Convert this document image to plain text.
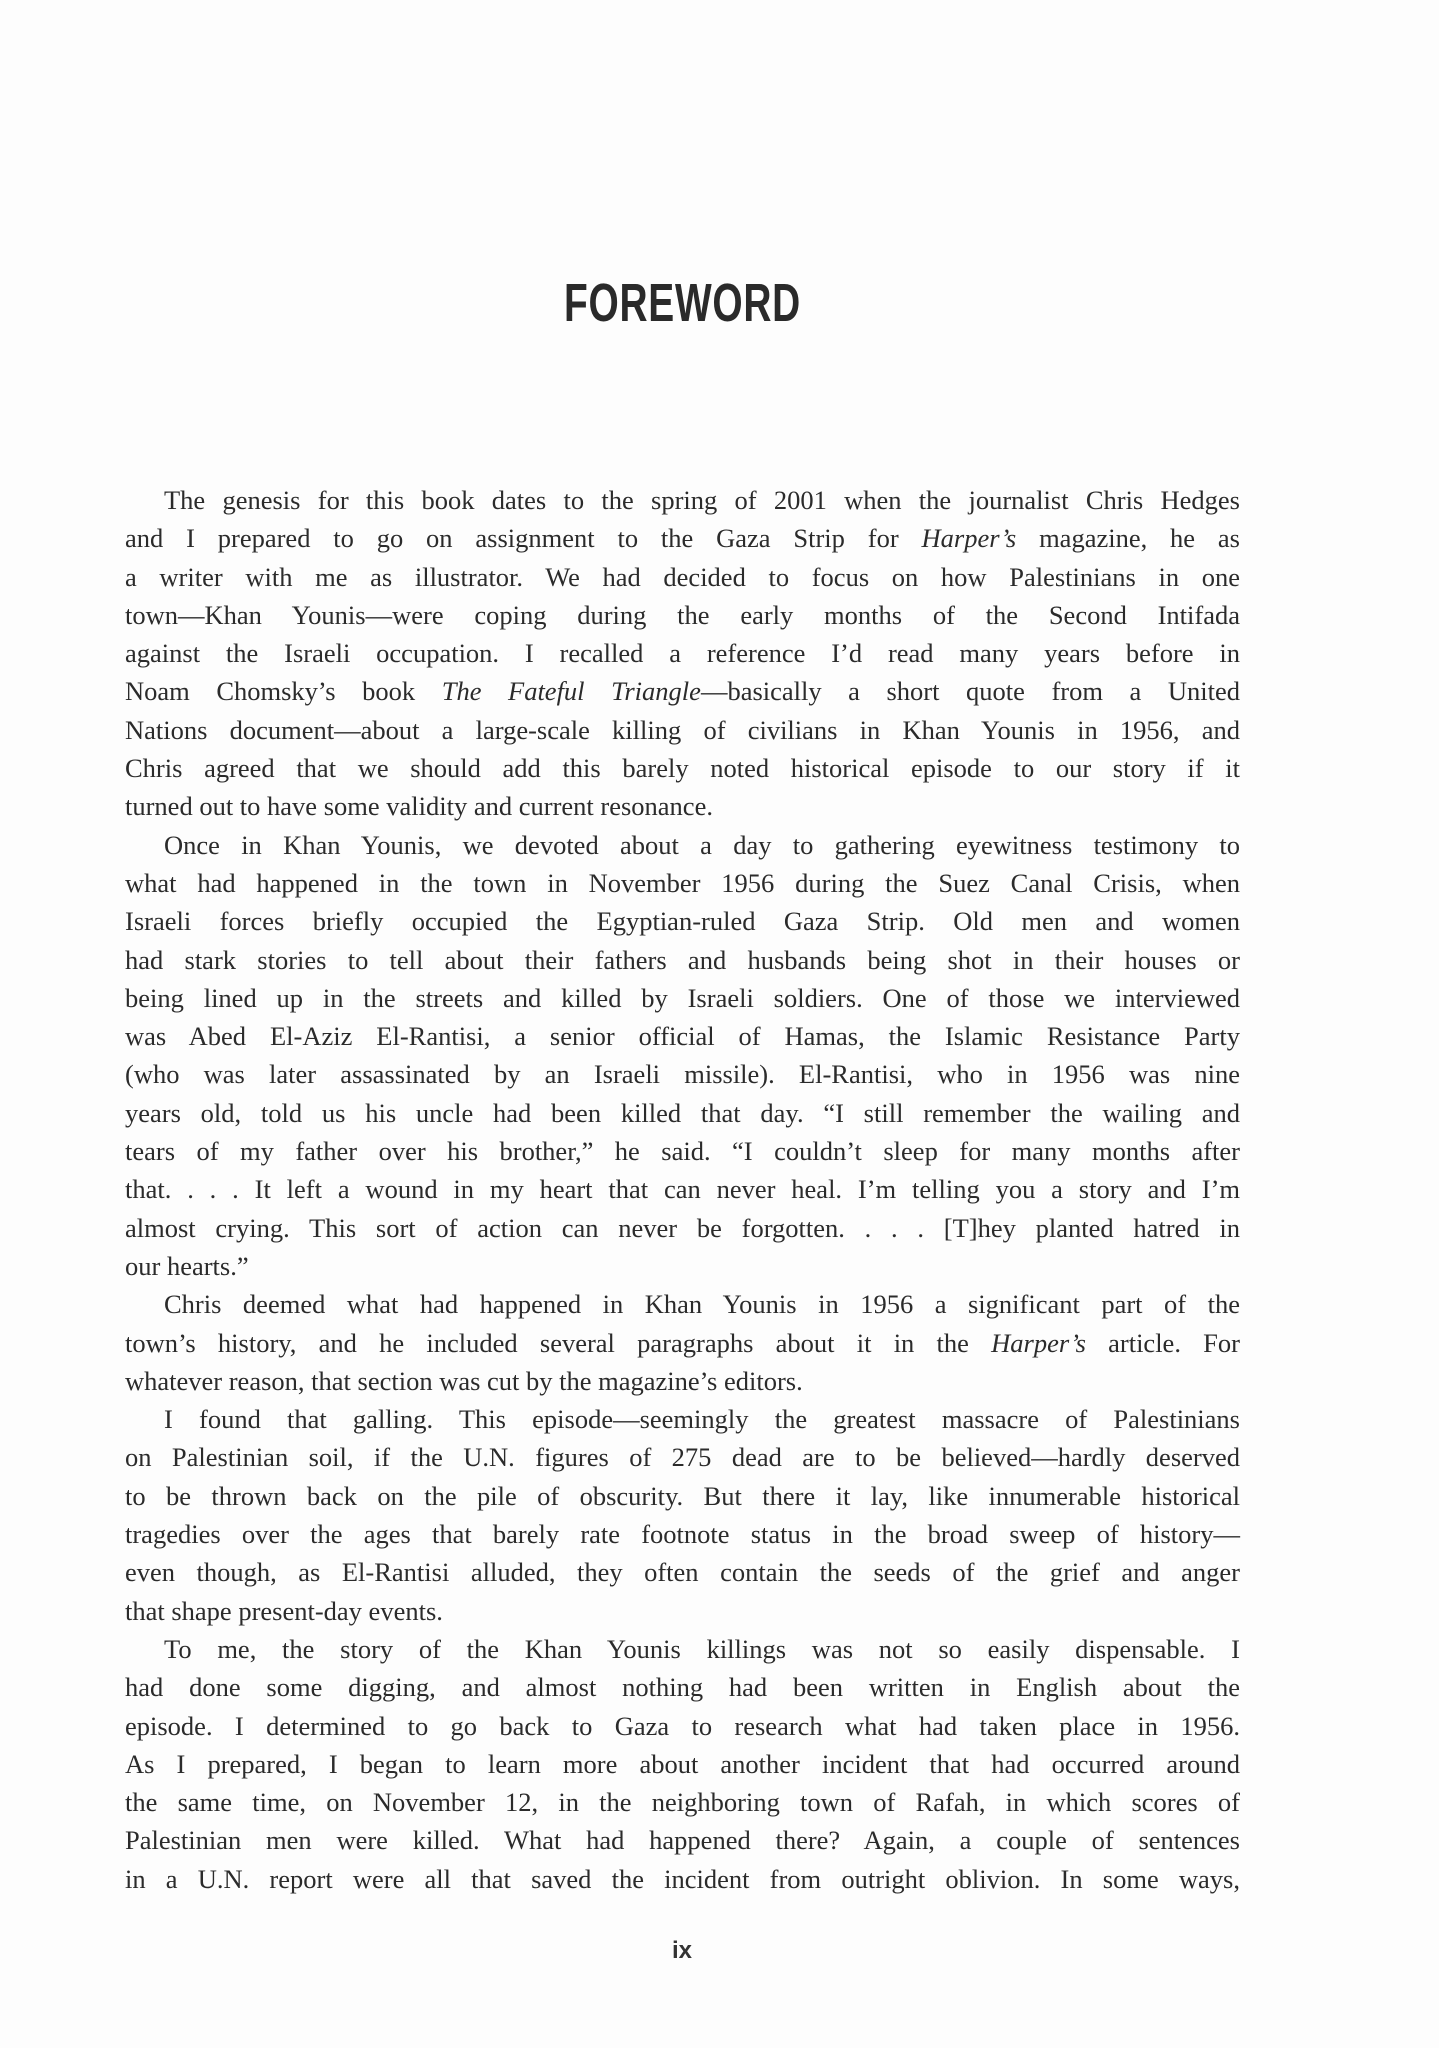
FOREWORD
The genesis for this book dates to the spring of 2001 when the journalist Chris Hedges
and I prepared to go on assignment to the Gaza Strip for Harper’s magazine, he as
a writer with me as illustrator. We had decided to focus on how Palestinians in one
town—Khan Younis—were coping during the early months of the Second Intifada
against the Israeli occupation. I recalled a reference I’d read many years before in
Noam Chomsky’s book The Fateful Triangle—basically a short quote from a United
Nations document—about a large-scale killing of civilians in Khan Younis in 1956, and
Chris agreed that we should add this barely noted historical episode to our story if it
turned out to have some validity and current resonance.
Once in Khan Younis, we devoted about a day to gathering eyewitness testimony to
what had happened in the town in November 1956 during the Suez Canal Crisis, when
Israeli forces briefly occupied the Egyptian-ruled Gaza Strip. Old men and women
had stark stories to tell about their fathers and husbands being shot in their houses or
being lined up in the streets and killed by Israeli soldiers. One of those we interviewed
was Abed El-Aziz El-Rantisi, a senior official of Hamas, the Islamic Resistance Party
(who was later assassinated by an Israeli missile). El-Rantisi, who in 1956 was nine
years old, told us his uncle had been killed that day. “I still remember the wailing and
tears of my father over his brother,” he said. “I couldn’t sleep for many months after
that. . . . It left a wound in my heart that can never heal. I’m telling you a story and I’m
almost crying. This sort of action can never be forgotten. . . . [T]hey planted hatred in
our hearts.”
Chris deemed what had happened in Khan Younis in 1956 a significant part of the
town’s history, and he included several paragraphs about it in the Harper’s article. For
whatever reason, that section was cut by the magazine’s editors.
I found that galling. This episode—seemingly the greatest massacre of Palestinians
on Palestinian soil, if the U.N. figures of 275 dead are to be believed—hardly deserved
to be thrown back on the pile of obscurity. But there it lay, like innumerable historical
tragedies over the ages that barely rate footnote status in the broad sweep of history—
even though, as El-Rantisi alluded, they often contain the seeds of the grief and anger
that shape present-day events.
To me, the story of the Khan Younis killings was not so easily dispensable. I
had done some digging, and almost nothing had been written in English about the
episode. I determined to go back to Gaza to research what had taken place in 1956.
As I prepared, I began to learn more about another incident that had occurred around
the same time, on November 12, in the neighboring town of Rafah, in which scores of
Palestinian men were killed. What had happened there? Again, a couple of sentences
in a U.N. report were all that saved the incident from outright oblivion. In some ways,
ix
